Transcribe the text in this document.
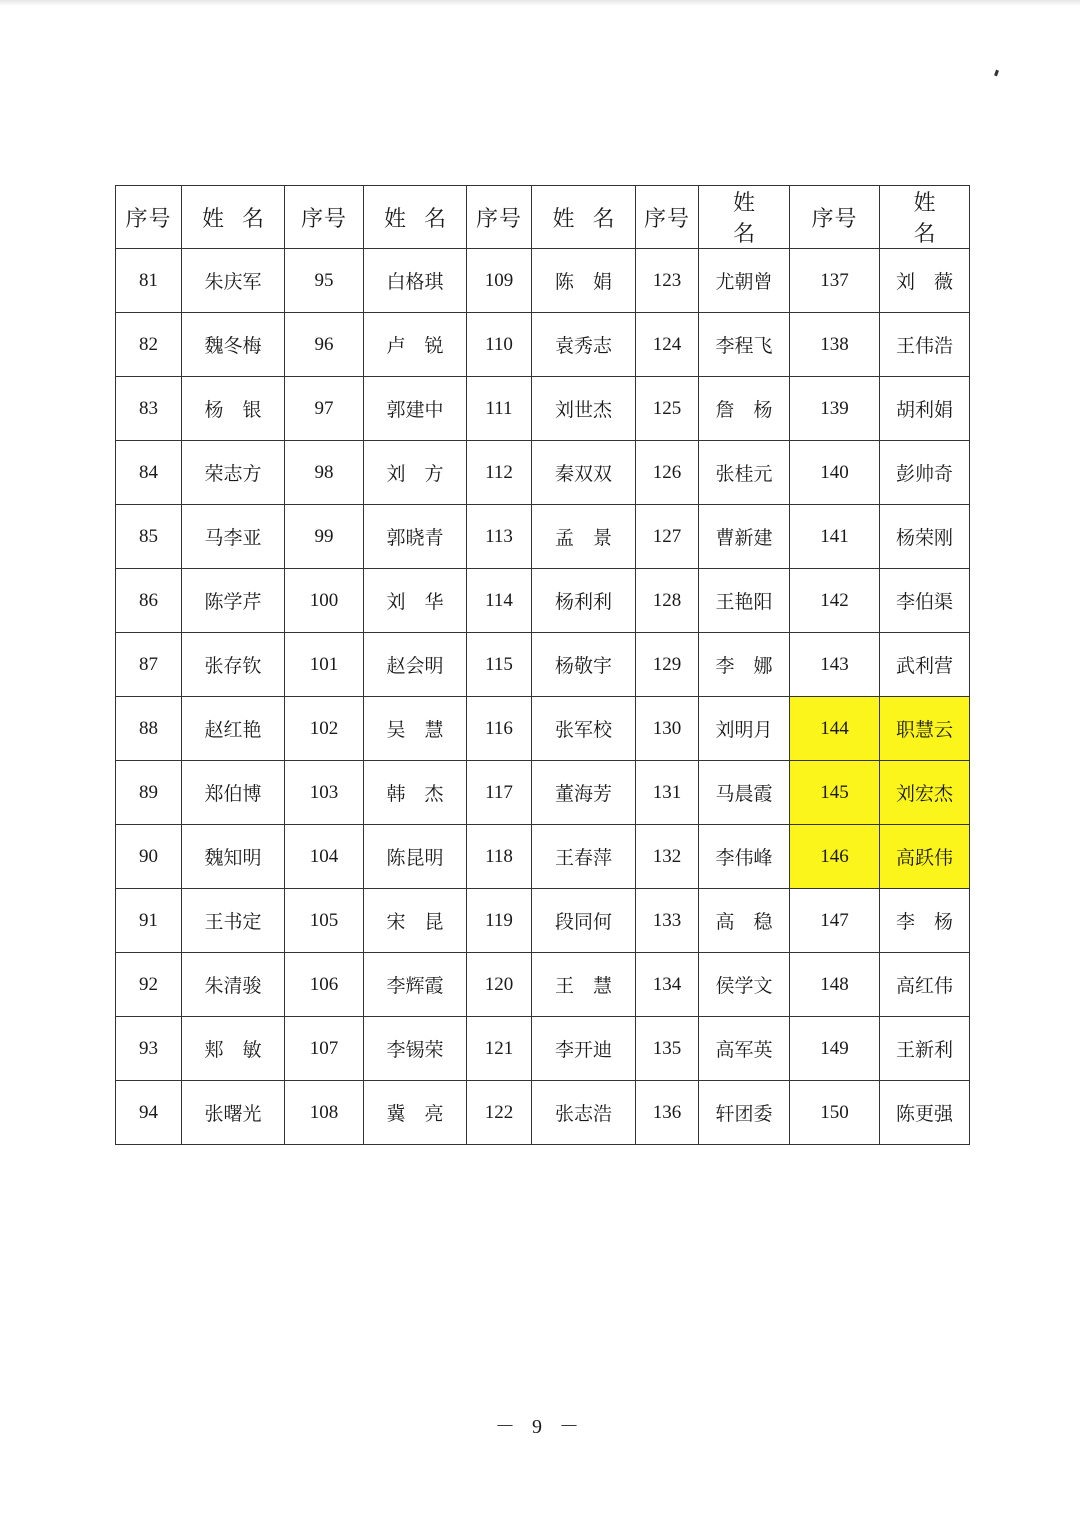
序号	姓名	序号	姓名	序号	姓名	序号	姓名	序号	姓名
81	朱庆军	95	白格琪	109	陈　娟	123	尤朝曾	137	刘　薇
82	魏冬梅	96	卢　锐	110	袁秀志	124	李程飞	138	王伟浩
83	杨　银	97	郭建中	111	刘世杰	125	詹　杨	139	胡利娟
84	荣志方	98	刘　方	112	秦双双	126	张桂元	140	彭帅奇
85	马李亚	99	郭晓青	113	孟　景	127	曹新建	141	杨荣刚
86	陈学芹	100	刘　华	114	杨利利	128	王艳阳	142	李伯渠
87	张存钦	101	赵会明	115	杨敬宇	129	李　娜	143	武利营
88	赵红艳	102	吴　慧	116	张军校	130	刘明月	144	职慧云
89	郑伯博	103	韩　杰	117	董海芳	131	马晨霞	145	刘宏杰
90	魏知明	104	陈昆明	118	王春萍	132	李伟峰	146	高跃伟
91	王书定	105	宋　昆	119	段同何	133	高　稳	147	李　杨
92	朱清骏	106	李辉霞	120	王　慧	134	侯学文	148	高红伟
93	郏　敏	107	李锡荣	121	李开迪	135	高军英	149	王新利
94	张曙光	108	冀　亮	122	张志浩	136	轩团委	150	陈更强
－ 9 －
